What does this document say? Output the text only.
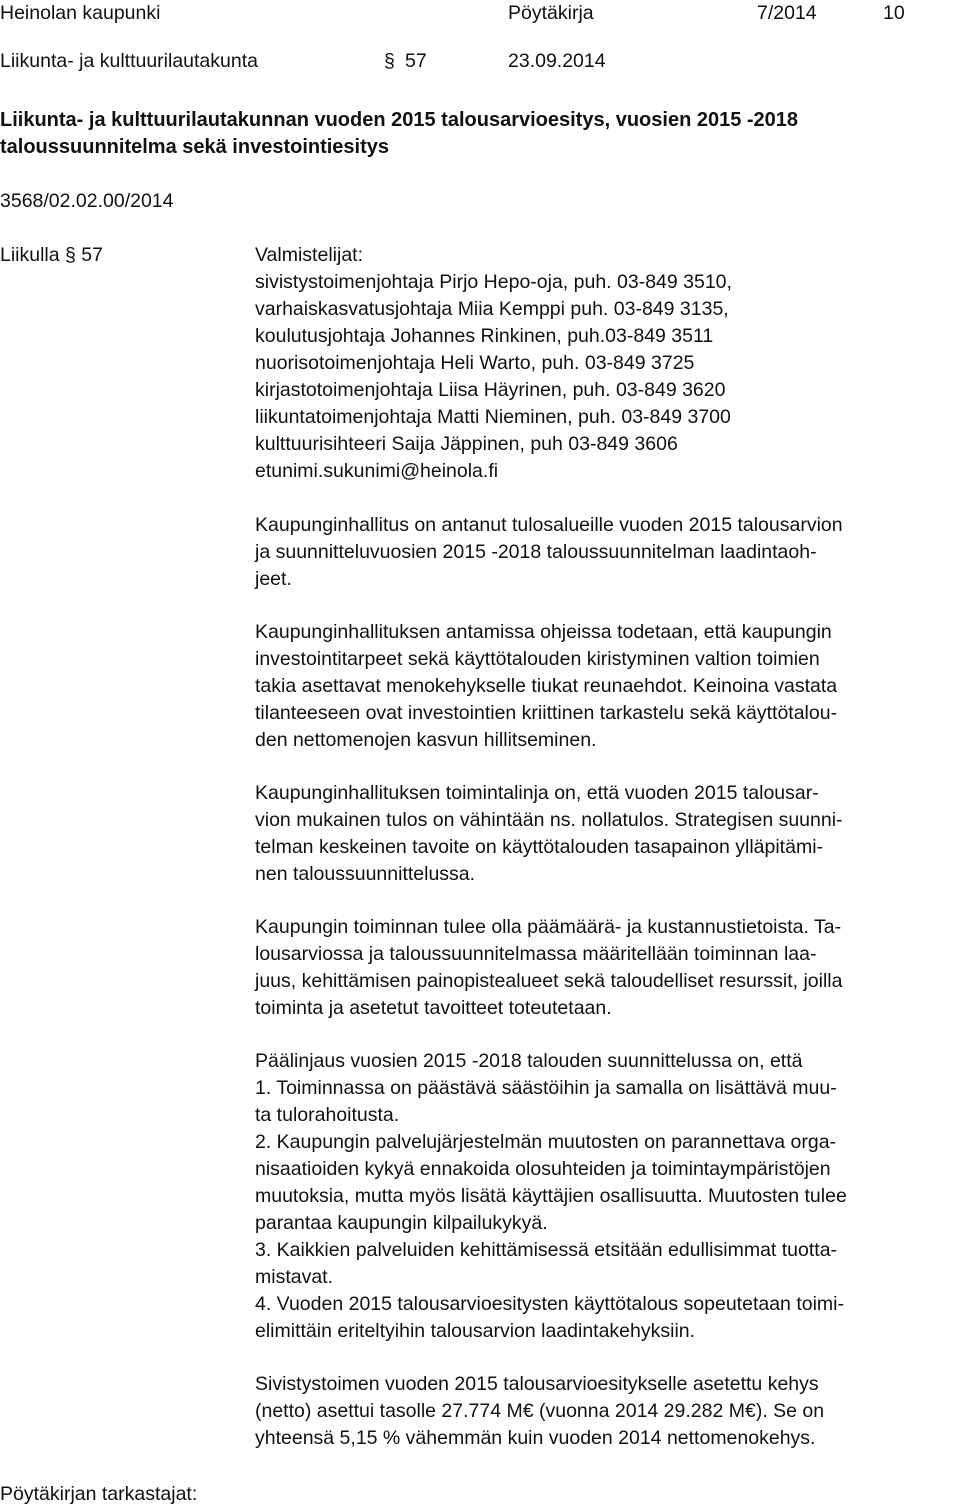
Heinolan kaupunki	Pöytäkirja	7/2014	10
Liikunta- ja kulttuurilautakunta	§ 57	23.09.2014
Liikunta- ja kulttuurilautakunnan vuoden 2015 talousarvioesitys, vuosien 2015 -2018
taloussuunnitelma sekä investointiesitys
3568/02.02.00/2014
Liikulla § 57	Valmistelijat:
sivistystoimenjohtaja Pirjo Hepo-oja, puh. 03-849 3510,
varhaiskasvatusjohtaja Miia Kemppi puh. 03-849 3135,
koulutusjohtaja Johannes Rinkinen, puh.03-849 3511
nuorisotoimenjohtaja Heli Warto, puh. 03-849 3725
kirjastotoimenjohtaja Liisa Häyrinen, puh. 03-849 3620
liikuntatoimenjohtaja Matti Nieminen, puh. 03-849 3700
kulttuurisihteeri Saija Jäppinen, puh 03-849 3606
etunimi.sukunimi@heinola.fi

Kaupunginhallitus on antanut tulosalueille vuoden 2015 talousarvion
ja suunnitteluvuosien 2015 -2018 taloussuunnitelman laadintaoh-
jeet.

Kaupunginhallituksen antamissa ohjeissa todetaan, että kaupungin
investointitarpeet sekä käyttötalouden kiristyminen valtion toimien
takia asettavat menokehykselle tiukat reunaehdot. Keinoina vastata
tilanteeseen ovat investointien kriittinen tarkastelu sekä käyttötalou-
den nettomenojen kasvun hillitseminen.

Kaupunginhallituksen toimintalinja on, että vuoden 2015 talousar-
vion mukainen tulos on vähintään ns. nollatulos. Strategisen suunni-
telman keskeinen tavoite on käyttötalouden tasapainon ylläpitämi-
nen taloussuunnittelussa.

Kaupungin toiminnan tulee olla päämäärä- ja kustannustietoista. Ta-
lousarviossa ja taloussuunnitelmassa määritellään toiminnan laa-
juus, kehittämisen painopistealueet sekä taloudelliset resurssit, joilla
toiminta ja asetetut tavoitteet toteutetaan.

Päälinjaus vuosien 2015 -2018 talouden suunnittelussa on, että
1. Toiminnassa on päästävä säästöihin ja samalla on lisättävä muu-
ta tulorahoitusta.
2. Kaupungin palvelujärjestelmän muutosten on parannettava orga-
nisaatioiden kykyä ennakoida olosuhteiden ja toimintaympäristöjen
muutoksia, mutta myös lisätä käyttäjien osallisuutta. Muutosten tulee
parantaa kaupungin kilpailukykyä.
3. Kaikkien palveluiden kehittämisessä etsitään edullisimmat tuotta-
mistavat.
4. Vuoden 2015 talousarvioesitysten käyttötalous sopeutetaan toimi-
elimittäin eriteltyihin talousarvion laadintakehyksiin.

Sivistystoimen vuoden 2015 talousarvioesitykselle asetettu kehys
(netto) asettui tasolle 27.774 M€ (vuonna 2014 29.282 M€). Se on
yhteensä 5,15 % vähemmän kuin vuoden 2014 nettomenokehys.

Pöytäkirjan tarkastajat:
